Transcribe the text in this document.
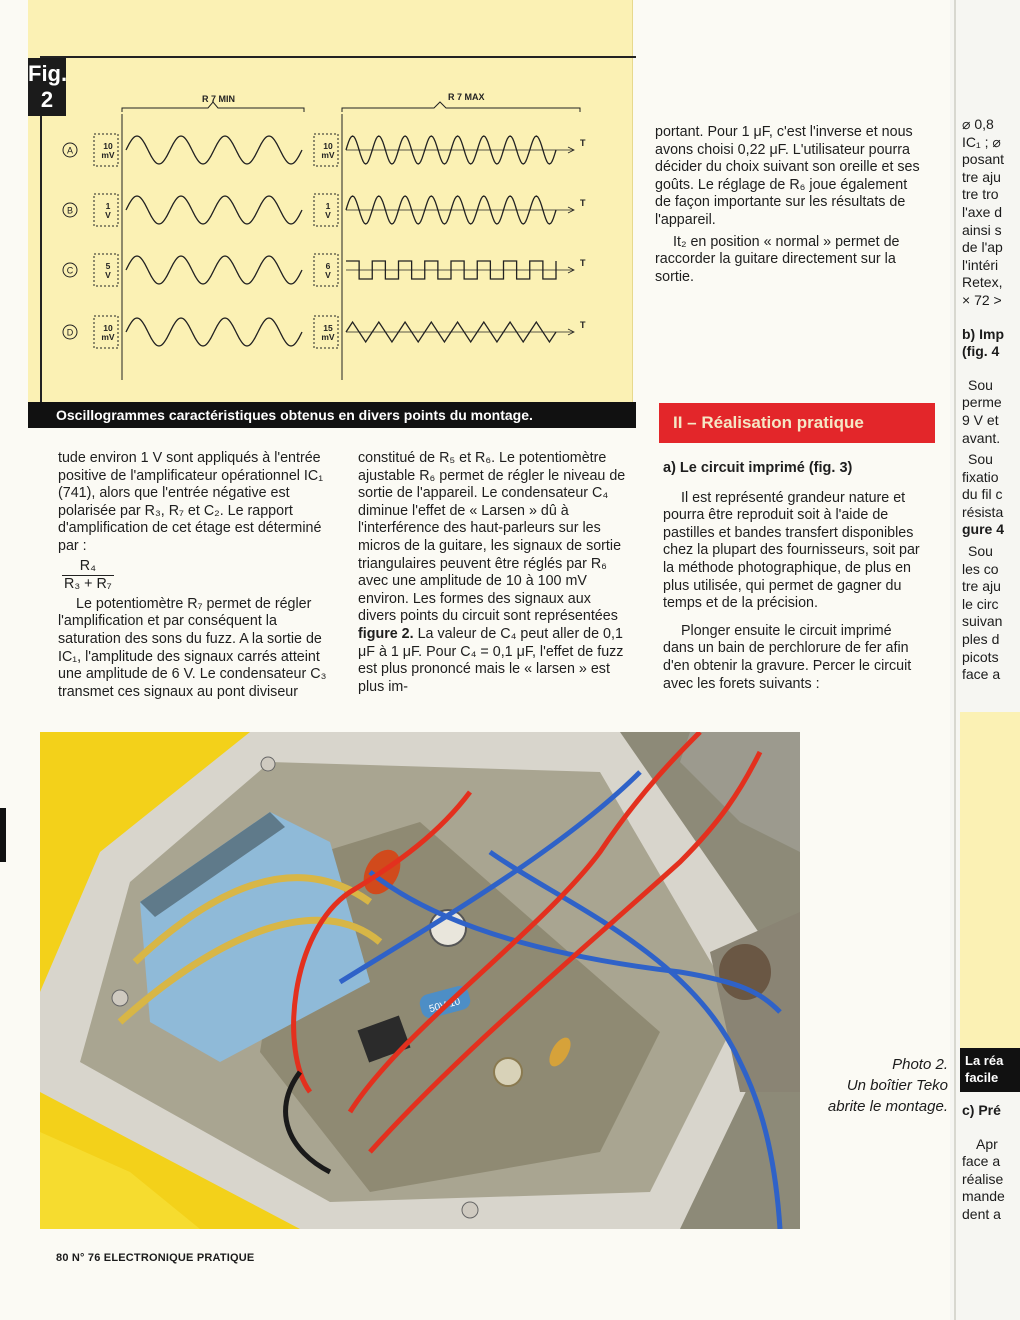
Fig.
2	R 7 MIN	R 7 MAX
A	10
mV
10
mV
T
B	1
V
1
V
T
C	5
V
6
V
T
D	10
mV
15
mV
T
Oscillogrammes caractéristiques obtenus en divers points du montage.

tude environ 1 V sont appliqués à l'entrée positive de l'amplificateur opérationnel IC₁ (741), alors que l'entrée négative est polarisée par R₃, R₇ et C₂. Le rapport d'amplification de cet étage est déterminé par :

$\frac{\text{R₄}}{\text{R₃ + R₇}}$

Le potentiomètre R₇ permet de régler l'amplification et par conséquent la saturation des sons du fuzz. A la sortie de IC₁, l'amplitude des signaux carrés atteint une amplitude de 6 V. Le condensateur C₃ transmet ces signaux au pont diviseur

constitué de R₅ et R₆. Le potentiomètre ajustable R₆ permet de régler le niveau de sortie de l'appareil. Le condensateur C₄ diminue l'effet de « Larsen » dû à l'interférence des haut-parleurs sur les micros de la guitare, les signaux de sortie triangulaires peuvent être réglés par R₆ avec une amplitude de 10 à 100 mV environ. Les formes des signaux aux divers points du circuit sont représentées figure 2. La valeur de C₄ peut aller de 0,1 μF à 1 μF. Pour C₄ = 0,1 μF, l'effet de fuzz est plus prononcé mais le « larsen » est plus im-

portant. Pour 1 μF, c'est l'inverse et nous avons choisi 0,22 μF. L'utilisateur pourra décider du choix suivant son oreille et ses goûts. Le réglage de R₆ joue également de façon importante sur les résultats de l'appareil.

It₂ en position « normal » permet de raccorder la guitare directement sur la sortie.

II – Réalisation pratique

a) Le circuit imprimé (fig. 3)

Il est représenté grandeur nature et pourra être reproduit soit à l'aide de pastilles et bandes transfert disponibles chez la plupart des fournisseurs, soit par la méthode photographique, de plus en plus utilisée, qui permet de gagner du temps et de la précision.

Plonger ensuite le circuit imprimé dans un bain de perchlorure de fer afin d'en obtenir la gravure. Percer le circuit avec les forets suivants :

⌀ 0,8
IC₁ ; ⌀
posant
tre aju
tre tro
l'axe d
ainsi s
de l'ap
l'intéri
Retex,
× 72 >
b) Imp
(fig. 4
Sou
perme
9 V et
avant.
Sou
fixatio
du fil c
résista
gure 4
Sou
les co
tre aju
le circ
suivan
ples d
picots
face a
La réa
facile
c) Pré
Apr
face a
réalise
mande
dent a
50V 10
Photo 2.
Un boîtier Teko
abrite le montage.
80 N° 76 ELECTRONIQUE PRATIQUE
